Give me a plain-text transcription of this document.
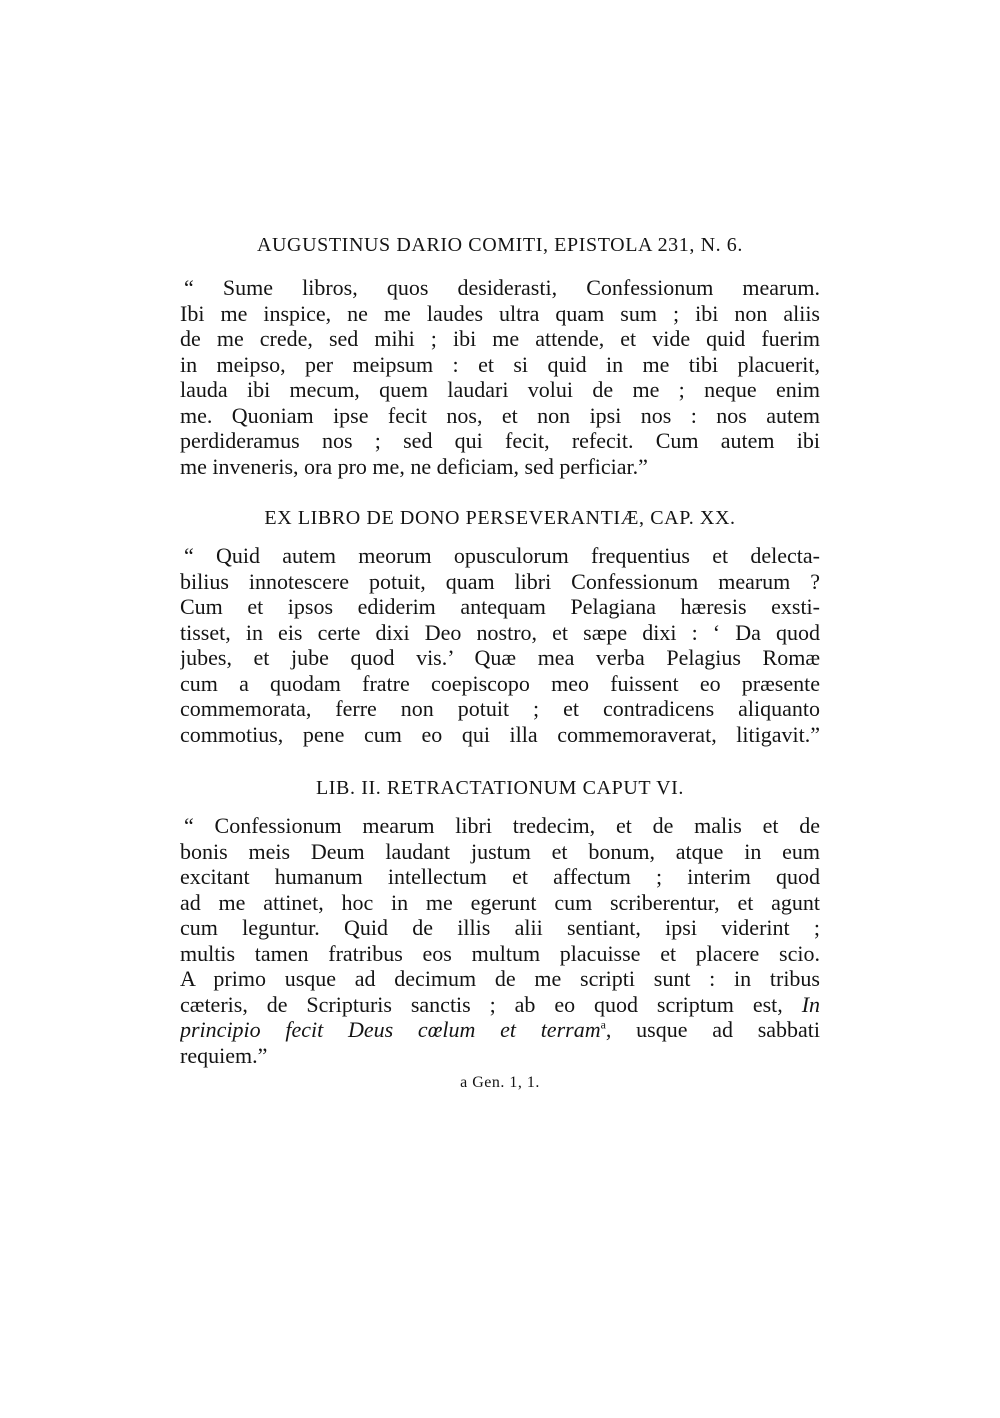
AUGUSTINUS DARIO COMITI, EPISTOLA 231, N. 6.

“ Sume libros, quos desiderasti, Confessionum mearum.
Ibi me inspice, ne me laudes ultra quam sum ; ibi non aliis
de me crede, sed mihi ; ibi me attende, et vide quid fuerim
in meipso, per meipsum : et si quid in me tibi placuerit,
lauda ibi mecum, quem laudari volui de me ; neque enim
me. Quoniam ipse fecit nos, et non ipsi nos : nos autem
perdideramus nos ; sed qui fecit, refecit. Cum autem ibi
me inveneris, ora pro me, ne deficiam, sed perficiar.”

EX LIBRO DE DONO PERSEVERANTIÆ, CAP. XX.

“ Quid autem meorum opusculorum frequentius et delecta-
bilius innotescere potuit, quam libri Confessionum mearum ?
Cum et ipsos ediderim antequam Pelagiana hæresis exsti-
tisset, in eis certe dixi Deo nostro, et sæpe dixi : ‘ Da quod
jubes, et jube quod vis.’ Quæ mea verba Pelagius Romæ
cum a quodam fratre coepiscopo meo fuissent eo præsente
commemorata, ferre non potuit ; et contradicens aliquanto
commotius, pene cum eo qui illa commemoraverat, litigavit.”

LIB. II. RETRACTATIONUM CAPUT VI.

“ Confessionum mearum libri tredecim, et de malis et de
bonis meis Deum laudant justum et bonum, atque in eum
excitant humanum intellectum et affectum ; interim quod
ad me attinet, hoc in me egerunt cum scriberentur, et agunt
cum leguntur. Quid de illis alii sentiant, ipsi viderint ;
multis tamen fratribus eos multum placuisse et placere scio.
A primo usque ad decimum de me scripti sunt : in tribus
cæteris, de Scripturis sanctis ; ab eo quod scriptum est, In
principio fecit Deus cœlum et terram$^a$, usque ad sabbati
requiem.”

a Gen. 1, 1.
